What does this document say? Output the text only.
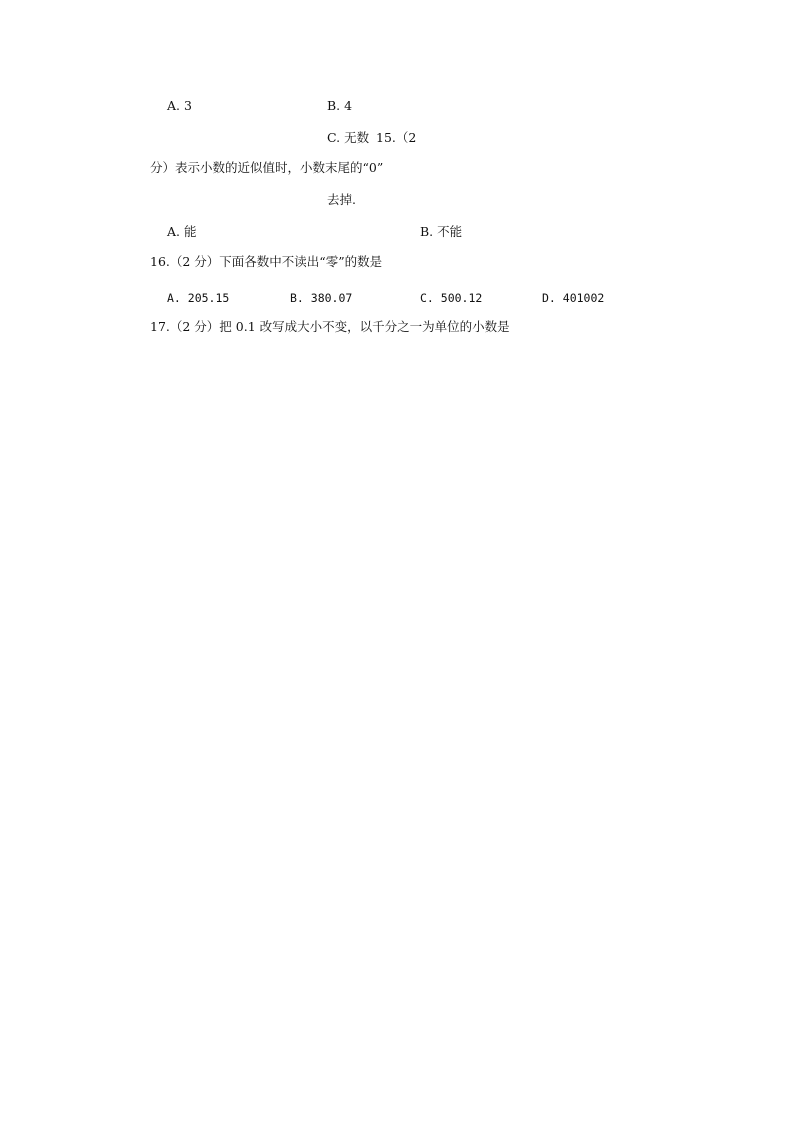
A. 3	B. 4
C. 无数 15.（2
分）表示小数的近似值时，小数末尾的“0”
去掉.
A. 能	B. 不能
16.（2 分）下面各数中不读出“零”的数是
A. 205.15	B. 380.07	C. 500.12	D. 401002
17.（2 分）把 0.1 改写成大小不变，以千分之一为单位的小数是
